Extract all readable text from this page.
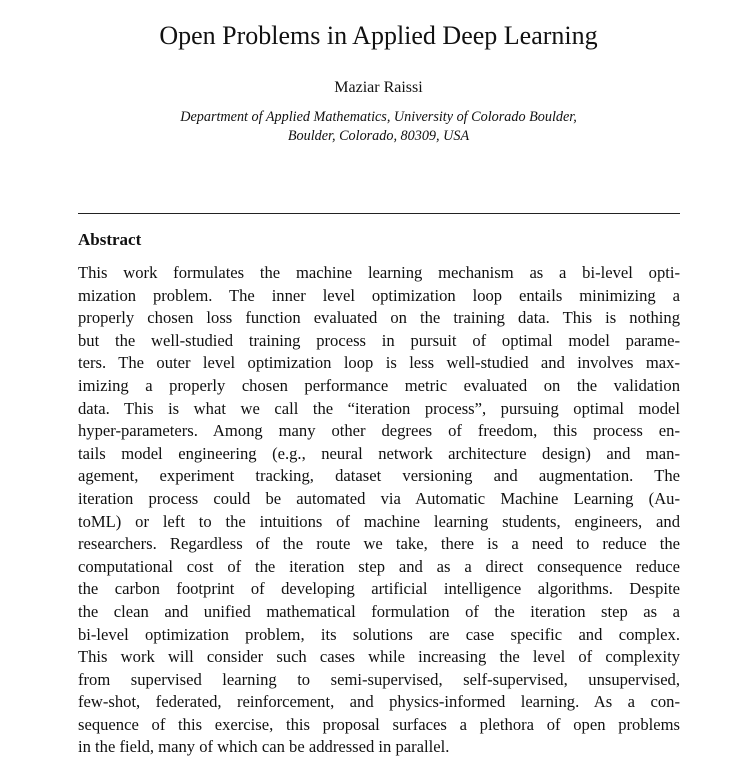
Open Problems in Applied Deep Learning
Maziar Raissi
Department of Applied Mathematics, University of Colorado Boulder,
Boulder, Colorado, 80309, USA
Abstract
This work formulates the machine learning mechanism as a bi-level opti-
mization problem. The inner level optimization loop entails minimizing a
properly chosen loss function evaluated on the training data. This is nothing
but the well-studied training process in pursuit of optimal model parame-
ters. The outer level optimization loop is less well-studied and involves max-
imizing a properly chosen performance metric evaluated on the validation
data. This is what we call the “iteration process”, pursuing optimal model
hyper-parameters. Among many other degrees of freedom, this process en-
tails model engineering (e.g., neural network architecture design) and man-
agement, experiment tracking, dataset versioning and augmentation. The
iteration process could be automated via Automatic Machine Learning (Au-
toML) or left to the intuitions of machine learning students, engineers, and
researchers. Regardless of the route we take, there is a need to reduce the
computational cost of the iteration step and as a direct consequence reduce
the carbon footprint of developing artificial intelligence algorithms. Despite
the clean and unified mathematical formulation of the iteration step as a
bi-level optimization problem, its solutions are case specific and complex.
This work will consider such cases while increasing the level of complexity
from supervised learning to semi-supervised, self-supervised, unsupervised,
few-shot, federated, reinforcement, and physics-informed learning. As a con-
sequence of this exercise, this proposal surfaces a plethora of open problems
in the field, many of which can be addressed in parallel.
